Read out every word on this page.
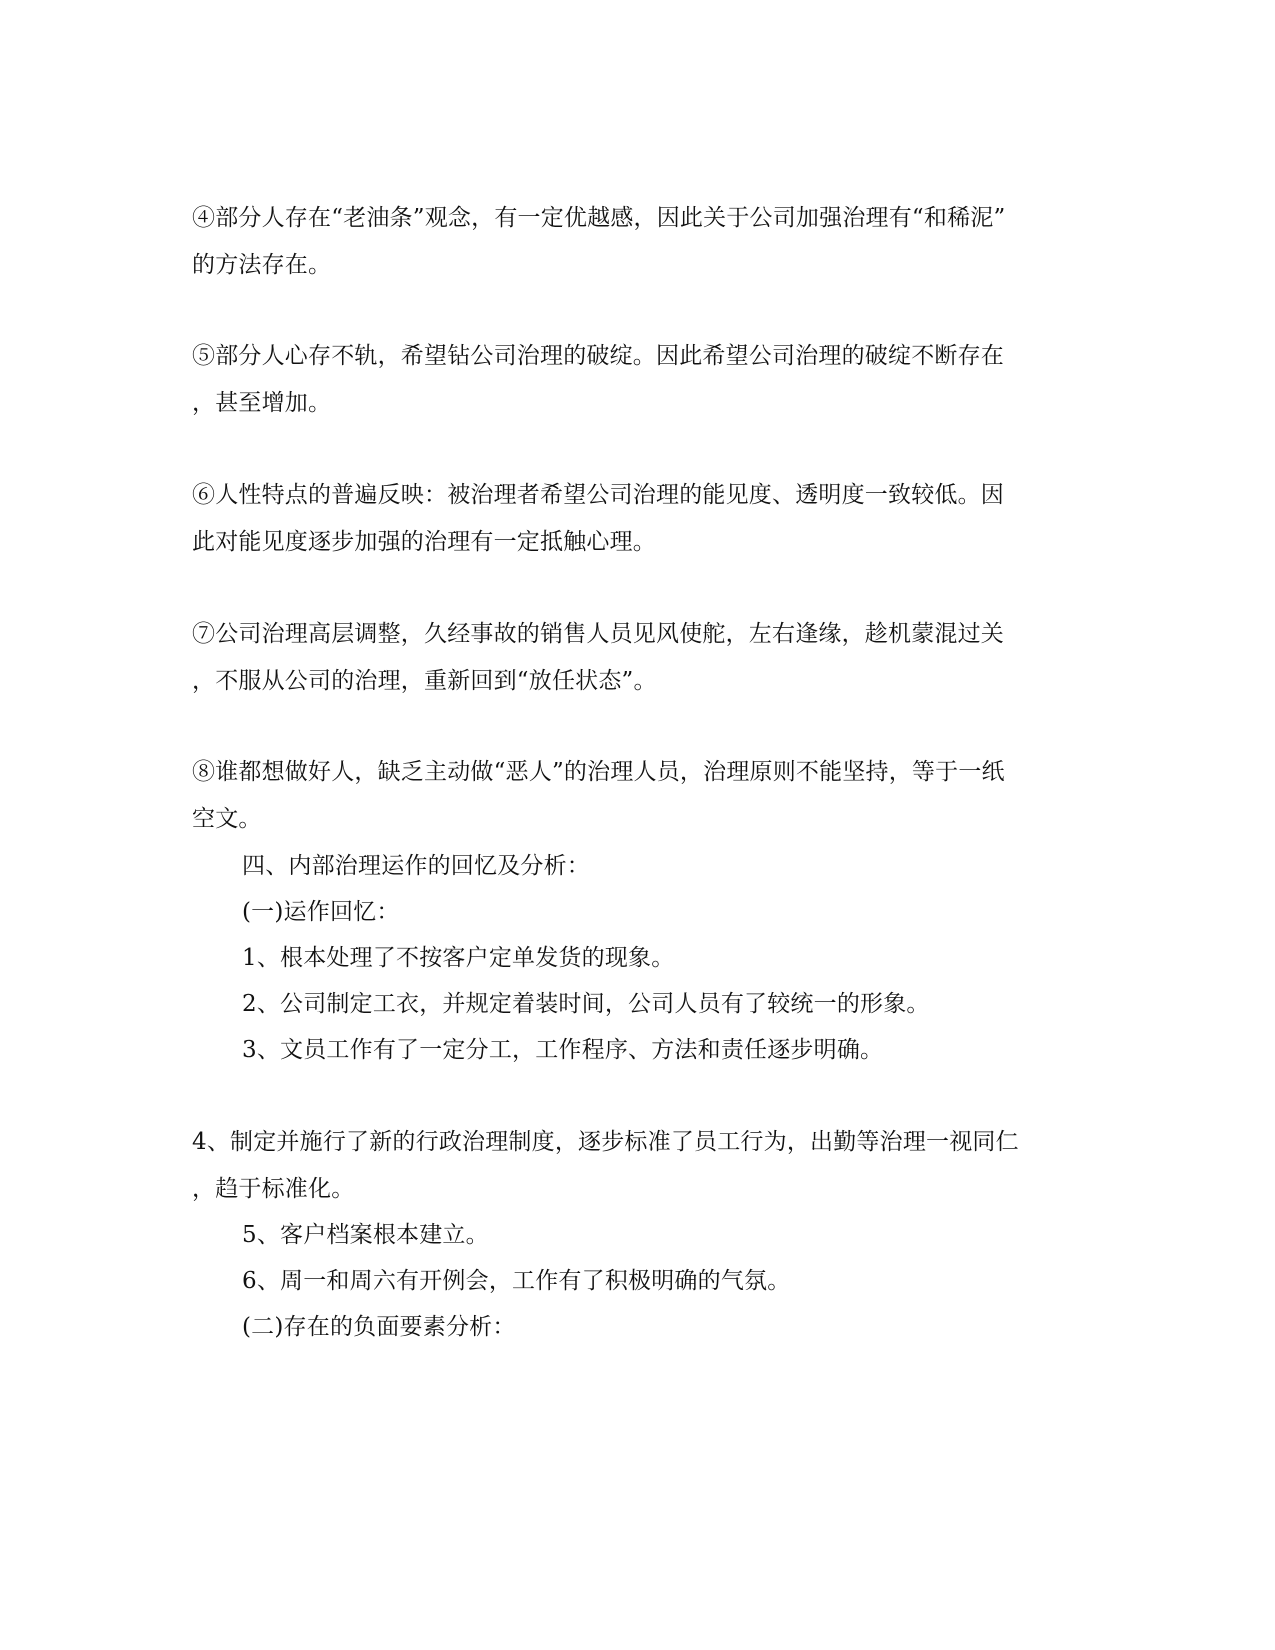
④部分人存在“老油条”观念，有一定优越感，因此关于公司加强治理有“和稀泥”
的方法存在。
⑤部分人心存不轨，希望钻公司治理的破绽。因此希望公司治理的破绽不断存在
，甚至增加。
⑥人性特点的普遍反映：被治理者希望公司治理的能见度、透明度一致较低。因
此对能见度逐步加强的治理有一定抵触心理。
⑦公司治理高层调整，久经事故的销售人员见风使舵，左右逢缘，趁机蒙混过关
，不服从公司的治理，重新回到“放任状态”。
⑧谁都想做好人，缺乏主动做“恶人”的治理人员，治理原则不能坚持，等于一纸
空文。
四、内部治理运作的回忆及分析：
(一)运作回忆：
1、根本处理了不按客户定单发货的现象。
2、公司制定工衣，并规定着装时间，公司人员有了较统一的形象。
3、文员工作有了一定分工，工作程序、方法和责任逐步明确。
4、制定并施行了新的行政治理制度，逐步标准了员工行为，出勤等治理一视同仁
，趋于标准化。
5、客户档案根本建立。
6、周一和周六有开例会，工作有了积极明确的气氛。
(二)存在的负面要素分析：
